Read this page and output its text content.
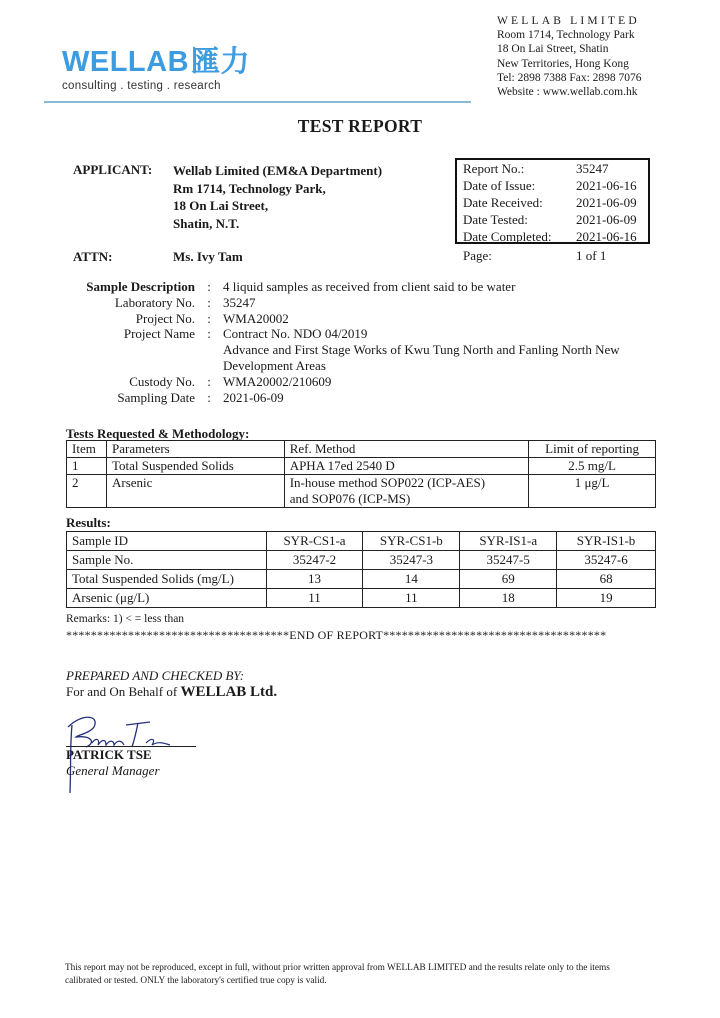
WELLAB匯力
consulting . testing . research
WELLAB LIMITED
Room 1714, Technology Park
18 On Lai Street, Shatin
New Territories, Hong Kong
Tel: 2898 7388 Fax: 2898 7076
Website : www.wellab.com.hk
TEST REPORT
APPLICANT: Wellab Limited (EM&A Department)
Rm 1714, Technology Park,
18 On Lai Street,
Shatin, N.T.
ATTN:	Ms. Ivy Tam
Report No.:	35247
Date of Issue:	2021-06-16
Date Received:	2021-06-09
Date Tested:	2021-06-09
Date Completed: 2021-06-16
Page:	1 of 1
Sample Description : 4 liquid samples as received from client said to be water
Laboratory No. : 35247
Project No. : WMA20002
Project Name : Contract No. NDO 04/2019
Advance and First Stage Works of Kwu Tung North and Fanling North New
Development Areas
Custody No. : WMA20002/210609
Sampling Date : 2021-06-09
Tests Requested & Methodology:
Item	Parameters	Ref. Method	Limit of reporting
1	Total Suspended Solids	APHA 17ed 2540 D	2.5 mg/L
2	Arsenic	In-house method SOP022 (ICP-AES)
and SOP076 (ICP-MS)	1 μg/L
Results:
Sample ID	SYR-CS1-a	SYR-CS1-b	SYR-IS1-a	SYR-IS1-b
Sample No.	35247-2	35247-3	35247-5	35247-6
Total Suspended Solids (mg/L)	13	14	69	68
Arsenic (μg/L)	11	11	18	19
Remarks: 1) < = less than
************************************END OF REPORT************************************
PREPARED AND CHECKED BY:
For and On Behalf of WELLAB Ltd.
PATRICK TSE
General Manager
This report may not be reproduced, except in full, without prior written approval from WELLAB LIMITED and the results relate only to the items
calibrated or tested. ONLY the laboratory's certified true copy is valid.
